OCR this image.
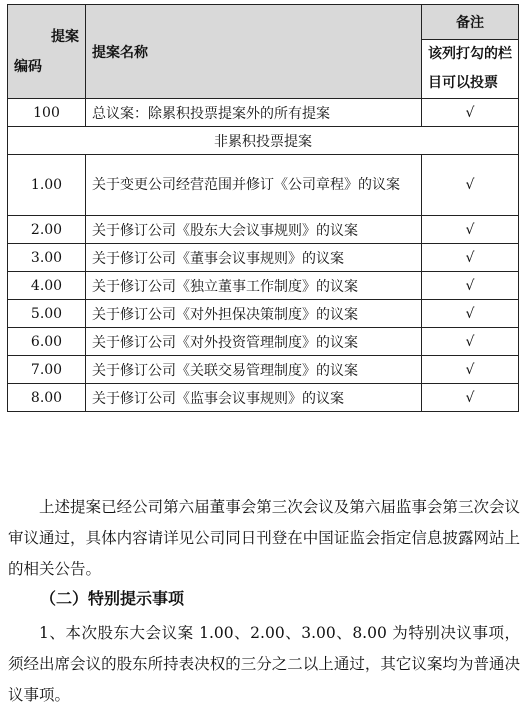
提案
编码	提案名称	备注
		该列打勾的栏目可以投票
100	总议案：除累积投票提案外的所有提案	√
非累积投票提案		
1.00	关于变更公司经营范围并修订《公司章程》的议案	√
2.00	关于修订公司《股东大会议事规则》的议案	√
3.00	关于修订公司《董事会议事规则》的议案	√
4.00	关于修订公司《独立董事工作制度》的议案	√
5.00	关于修订公司《对外担保决策制度》的议案	√
6.00	关于修订公司《对外投资管理制度》的议案	√
7.00	关于修订公司《关联交易管理制度》的议案	√
8.00	关于修订公司《监事会议事规则》的议案	√
上述提案已经公司第六届董事会第三次会议及第六届监事会第三次会议审议通过，具体内容请详见公司同日刊登在中国证监会指定信息披露网站上的相关公告。
（二）特别提示事项
1、本次股东大会议案 1.00、2.00、3.00、8.00 为特别决议事项，须经出席会议的股东所持表决权的三分之二以上通过，其它议案均为普通决议事项。
